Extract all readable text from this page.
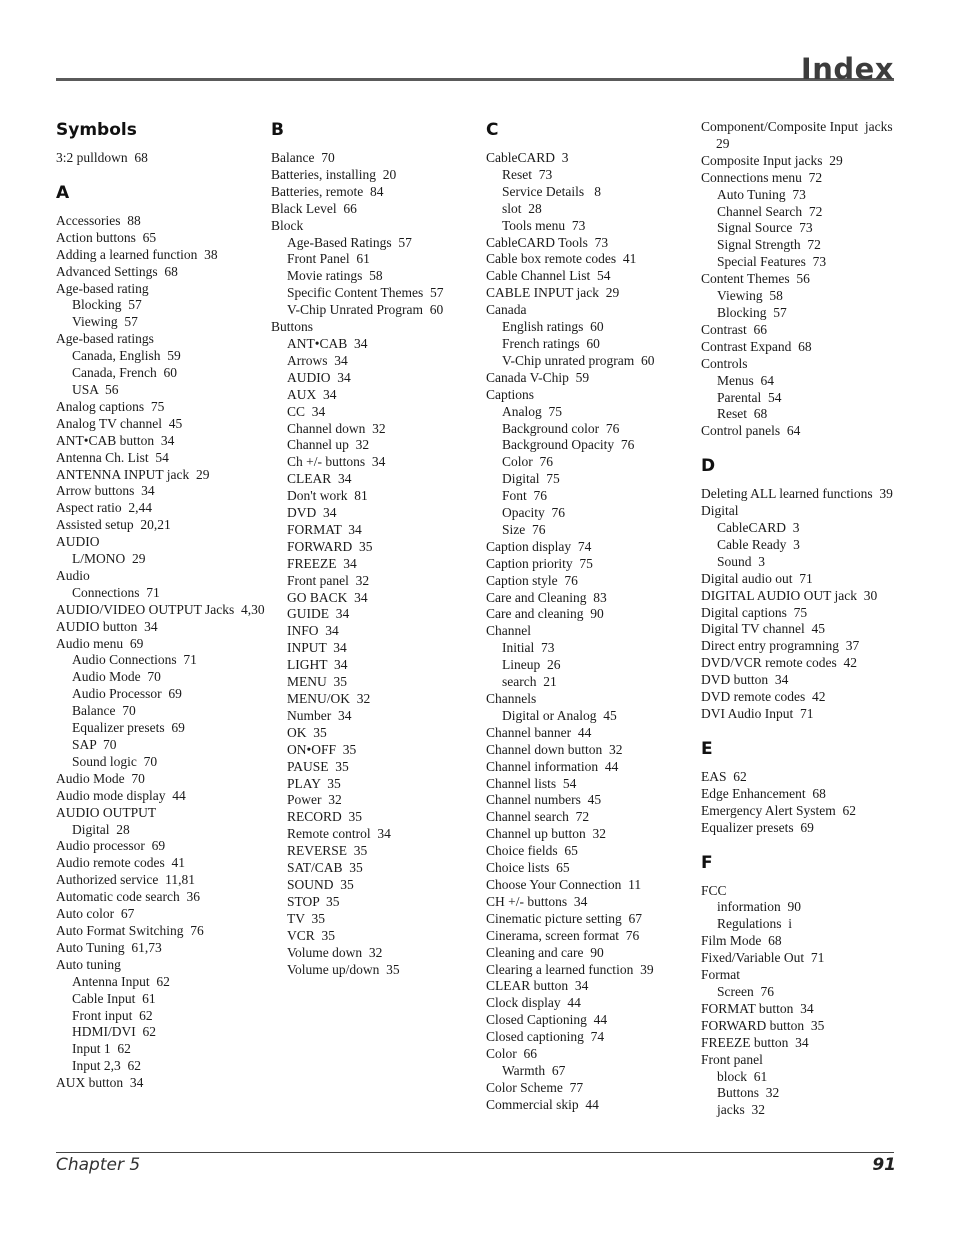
Index
Symbols
3:2 pulldown  68
A
Accessories  88
Action buttons  65
Adding a learned function  38
Advanced Settings  68
Age-based rating
Blocking  57
Viewing  57
Age-based ratings
Canada, English  59
Canada, French  60
USA  56
Analog captions  75
Analog TV channel  45
ANT•CAB button  34
Antenna Ch. List  54
ANTENNA INPUT jack  29
Arrow buttons  34
Aspect ratio  2,44
Assisted setup  20,21
AUDIO
L/MONO  29
Audio
Connections  71
AUDIO/VIDEO OUTPUT Jacks  4,30
AUDIO button  34
Audio menu  69
Audio Connections  71
Audio Mode  70
Audio Processor  69
Balance  70
Equalizer presets  69
SAP  70
Sound logic  70
Audio Mode  70
Audio mode display  44
AUDIO OUTPUT
Digital  28
Audio processor  69
Audio remote codes  41
Authorized service  11,81
Automatic code search  36
Auto color  67
Auto Format Switching  76
Auto Tuning  61,73
Auto tuning
Antenna Input  62
Cable Input  61
Front input  62
HDMI/DVI  62
Input 1  62
Input 2,3  62
AUX button  34
B
Balance  70
Batteries, installing  20
Batteries, remote  84
Black Level  66
Block
Age-Based Ratings  57
Front Panel  61
Movie ratings  58
Specific Content Themes  57
V-Chip Unrated Program  60
Buttons
ANT•CAB  34
Arrows  34
AUDIO  34
AUX  34
CC  34
Channel down  32
Channel up  32
Ch +/- buttons  34
CLEAR  34
Don't work  81
DVD  34
FORMAT  34
FORWARD  35
FREEZE  34
Front panel  32
GO BACK  34
GUIDE  34
INFO  34
INPUT  34
LIGHT  34
MENU  35
MENU/OK  32
Number  34
OK  35
ON•OFF  35
PAUSE  35
PLAY  35
Power  32
RECORD  35
Remote control  34
REVERSE  35
SAT/CAB  35
SOUND  35
STOP  35
TV  35
VCR  35
Volume down  32
Volume up/down  35
C
CableCARD  3
Reset  73
Service Details   8
slot  28
Tools menu  73
CableCARD Tools  73
Cable box remote codes  41
Cable Channel List  54
CABLE INPUT jack  29
Canada
English ratings  60
French ratings  60
V-Chip unrated program  60
Canada V-Chip  59
Captions
Analog  75
Background color  76
Background Opacity  76
Color  76
Digital  75
Font  76
Opacity  76
Size  76
Caption display  74
Caption priority  75
Caption style  76
Care and Cleaning  83
Care and cleaning  90
Channel
Initial  73
Lineup  26
search  21
Channels
Digital or Analog  45
Channel banner  44
Channel down button  32
Channel information  44
Channel lists  54
Channel numbers  45
Channel search  72
Channel up button  32
Choice fields  65
Choice lists  65
Choose Your Connection  11
CH +/- buttons  34
Cinematic picture setting  67
Cinerama, screen format  76
Cleaning and care  90
Clearing a learned function  39
CLEAR button  34
Clock display  44
Closed Captioning  44
Closed captioning  74
Color  66
Warmth  67
Color Scheme  77
Commercial skip  44
Component/Composite Input  jacks  29
Composite Input jacks  29
Connections menu  72
Auto Tuning  73
Channel Search  72
Signal Source  73
Signal Strength  72
Special Features  73
Content Themes  56
Viewing  58
Blocking  57
Contrast  66
Contrast Expand  68
Controls
Menus  64
Parental  54
Reset  68
Control panels  64
D
Deleting ALL learned functions  39
Digital
CableCARD  3
Cable Ready  3
Sound  3
Digital audio out  71
DIGITAL AUDIO OUT jack  30
Digital captions  75
Digital TV channel  45
Direct entry programning  37
DVD/VCR remote codes  42
DVD button  34
DVD remote codes  42
DVI Audio Input  71
E
EAS  62
Edge Enhancement  68
Emergency Alert System  62
Equalizer presets  69
F
FCC
information  90
Regulations  i
Film Mode  68
Fixed/Variable Out  71
Format
Screen  76
FORMAT button  34
FORWARD button  35
FREEZE button  34
Front panel
block  61
Buttons  32
jacks  32
Chapter 5	91
